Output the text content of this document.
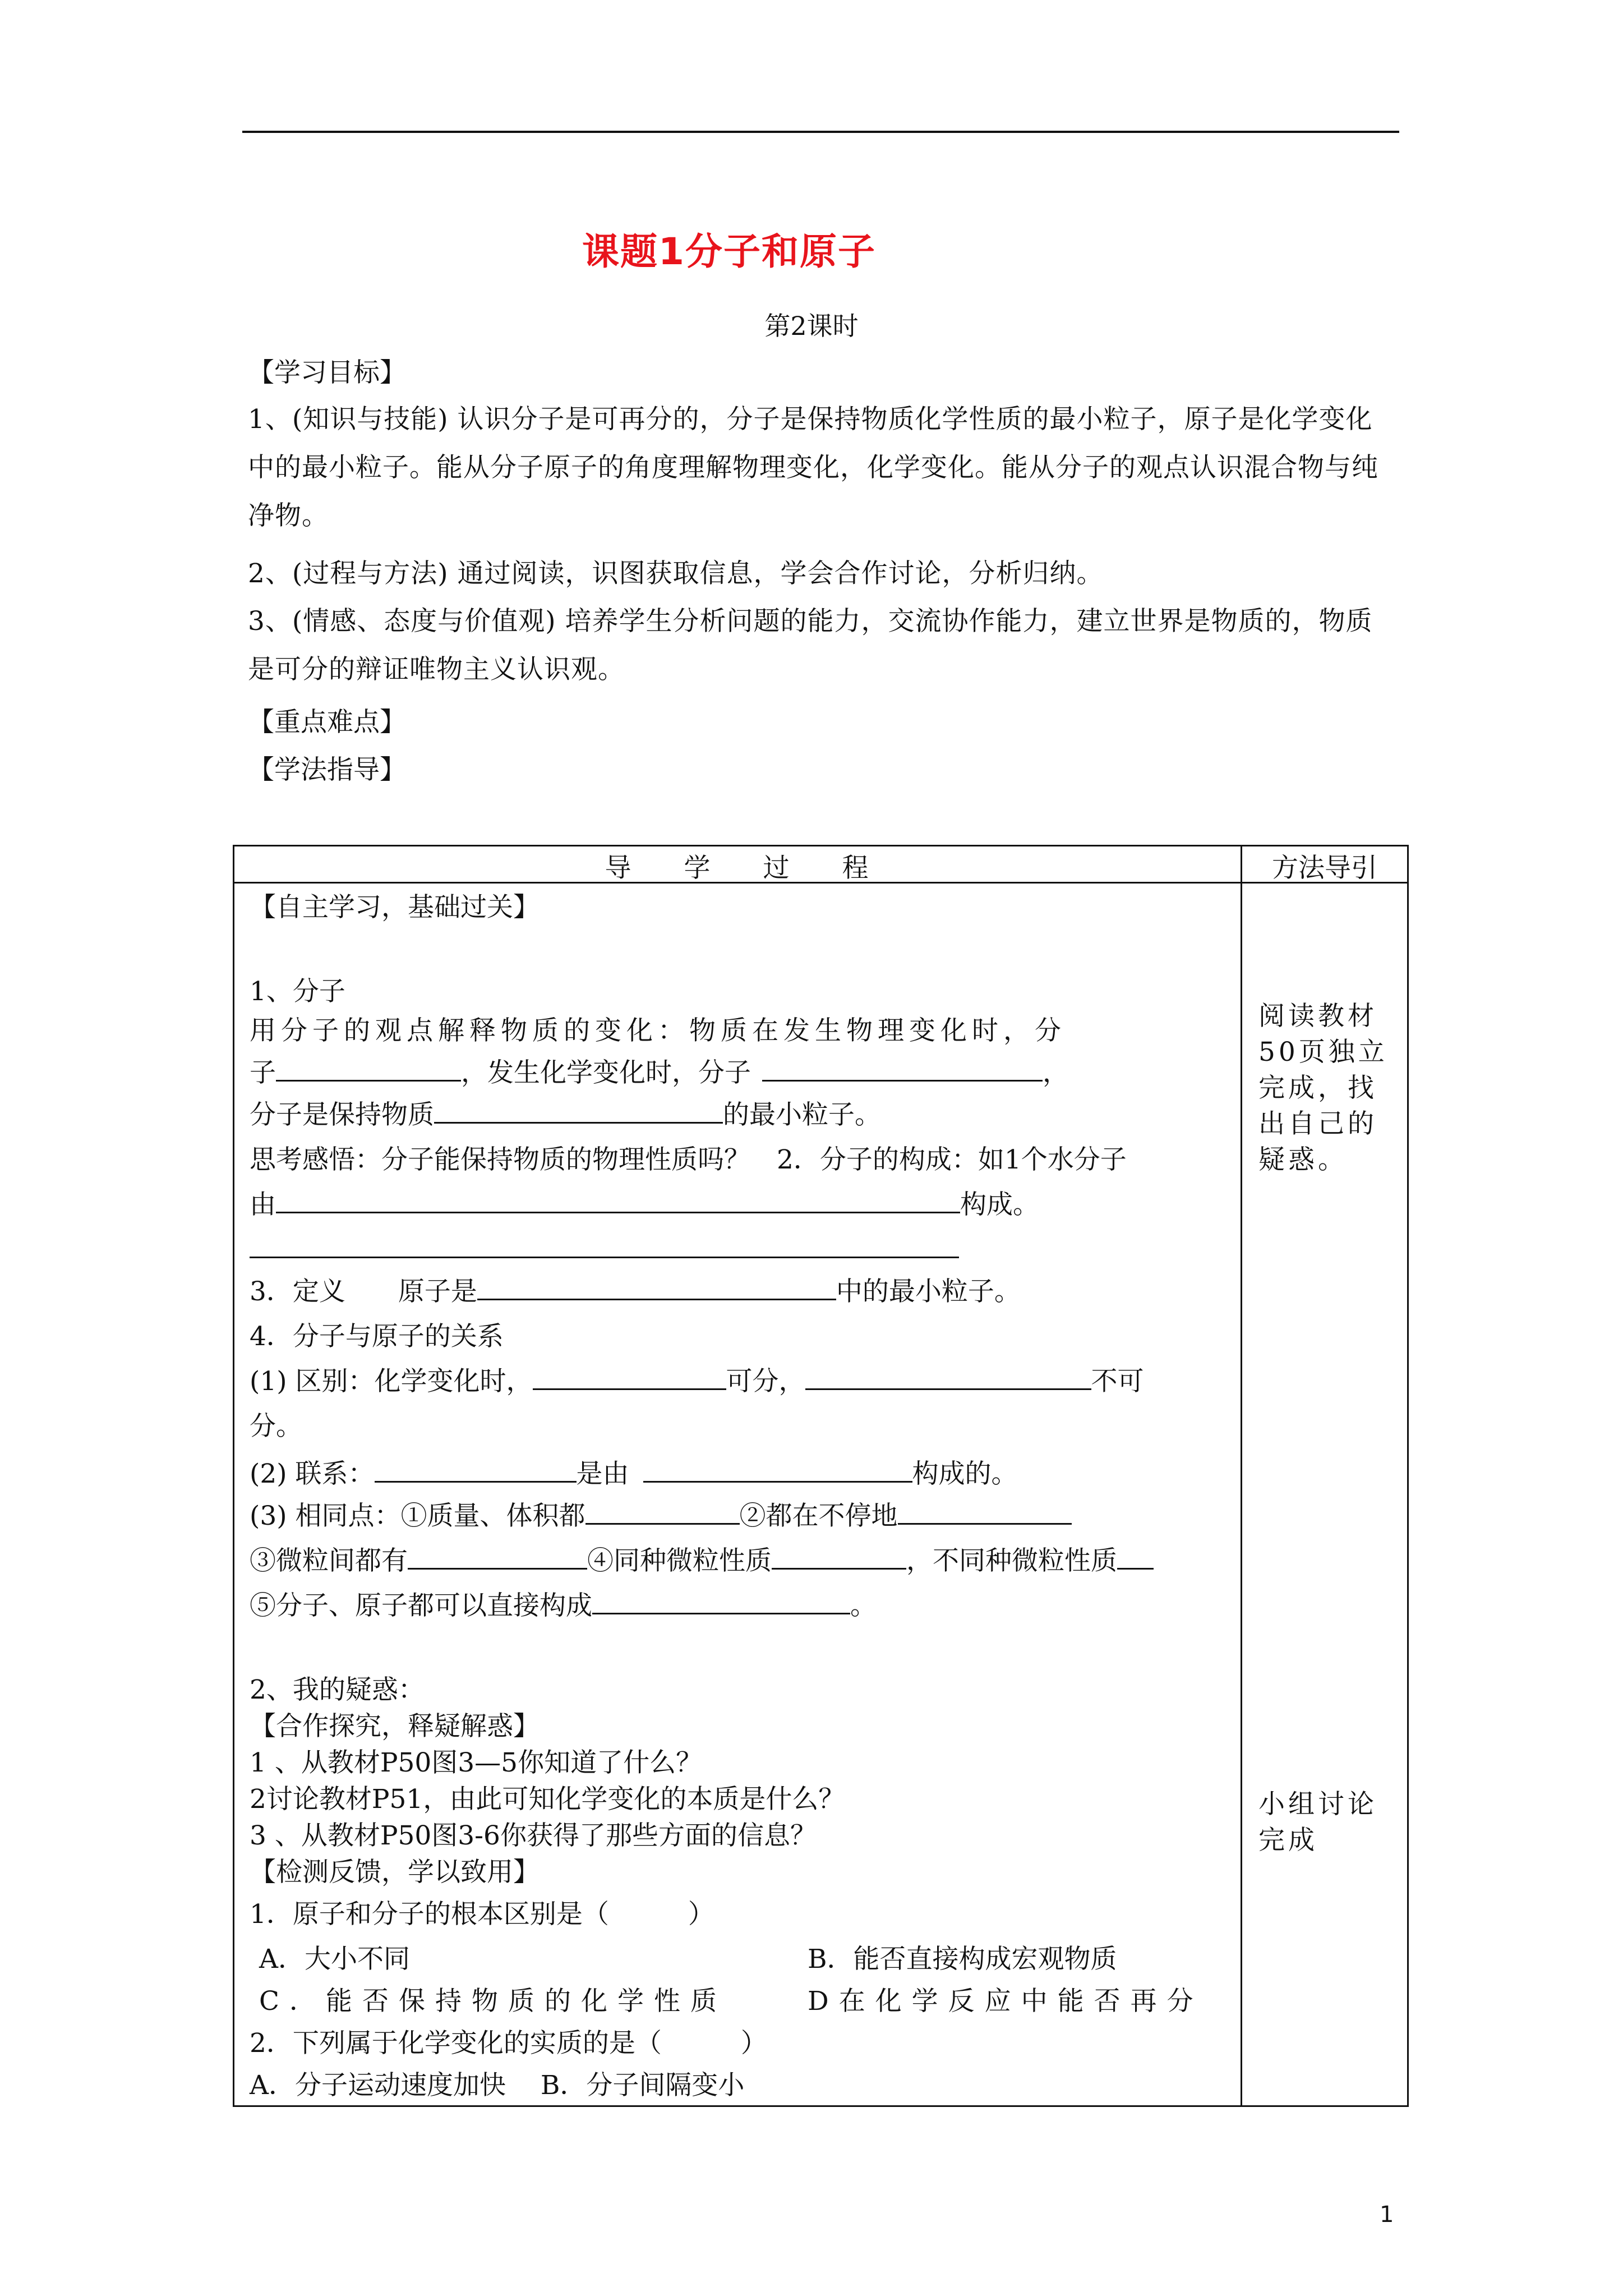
课题1分子和原子
第2课时
【学习目标】
1、(知识与技能) 认识分子是可再分的，分子是保持物质化学性质的最小粒子，原子是化学变化中的最小粒子。能从分子原子的角度理解物理变化，化学变化。能从分子的观点认识混合物与纯净物。
2、(过程与方法) 通过阅读，识图获取信息，学会合作讨论，分析归纳。
3、(情感、态度与价值观) 培养学生分析问题的能力，交流协作能力，建立世界是物质的，物质是可分的辩证唯物主义认识观。
【重点难点】
【学法指导】
导　　学　　过　　程	方法导引
【自主学习，基础过关】
1、分子
用分子的观点解释物质的变化：物质在发生物理变化时，分
子	，发生化学变化时，分子	，
分子是保持物质	的最小粒子。
思考感悟：分子能保持物质的物理性质吗？　2．分子的构成：如1个水分子
由	构成。
3．定义　　原子是	中的最小粒子。
4．分子与原子的关系
(1) 区别：化学变化时，	可分，	不可
分。
(2) 联系：	是由	构成的。
(3) 相同点：①质量、体积都	②都在不停地
③微粒间都有	④同种微粒性质	，不同种微粒性质
⑤分子、原子都可以直接构成	。
2、我的疑惑：
【合作探究，释疑解惑】
1 、从教材P50图3—5你知道了什么？
2讨论教材P51，由此可知化学变化的本质是什么？
3 、从教材P50图3-6你获得了那些方面的信息？
【检测反馈，学以致用】
1．原子和分子的根本区别是（　　　）
A．大小不同	B．能否直接构成宏观物质
C．能否保持物质的化学性质	D在化学反应中能否再分
2．下列属于化学变化的实质的是（　　　）
A．分子运动速度加快　 B．分子间隔变小
阅读教材50页独立完成，找出自己的疑惑。
小组讨论完成
1
